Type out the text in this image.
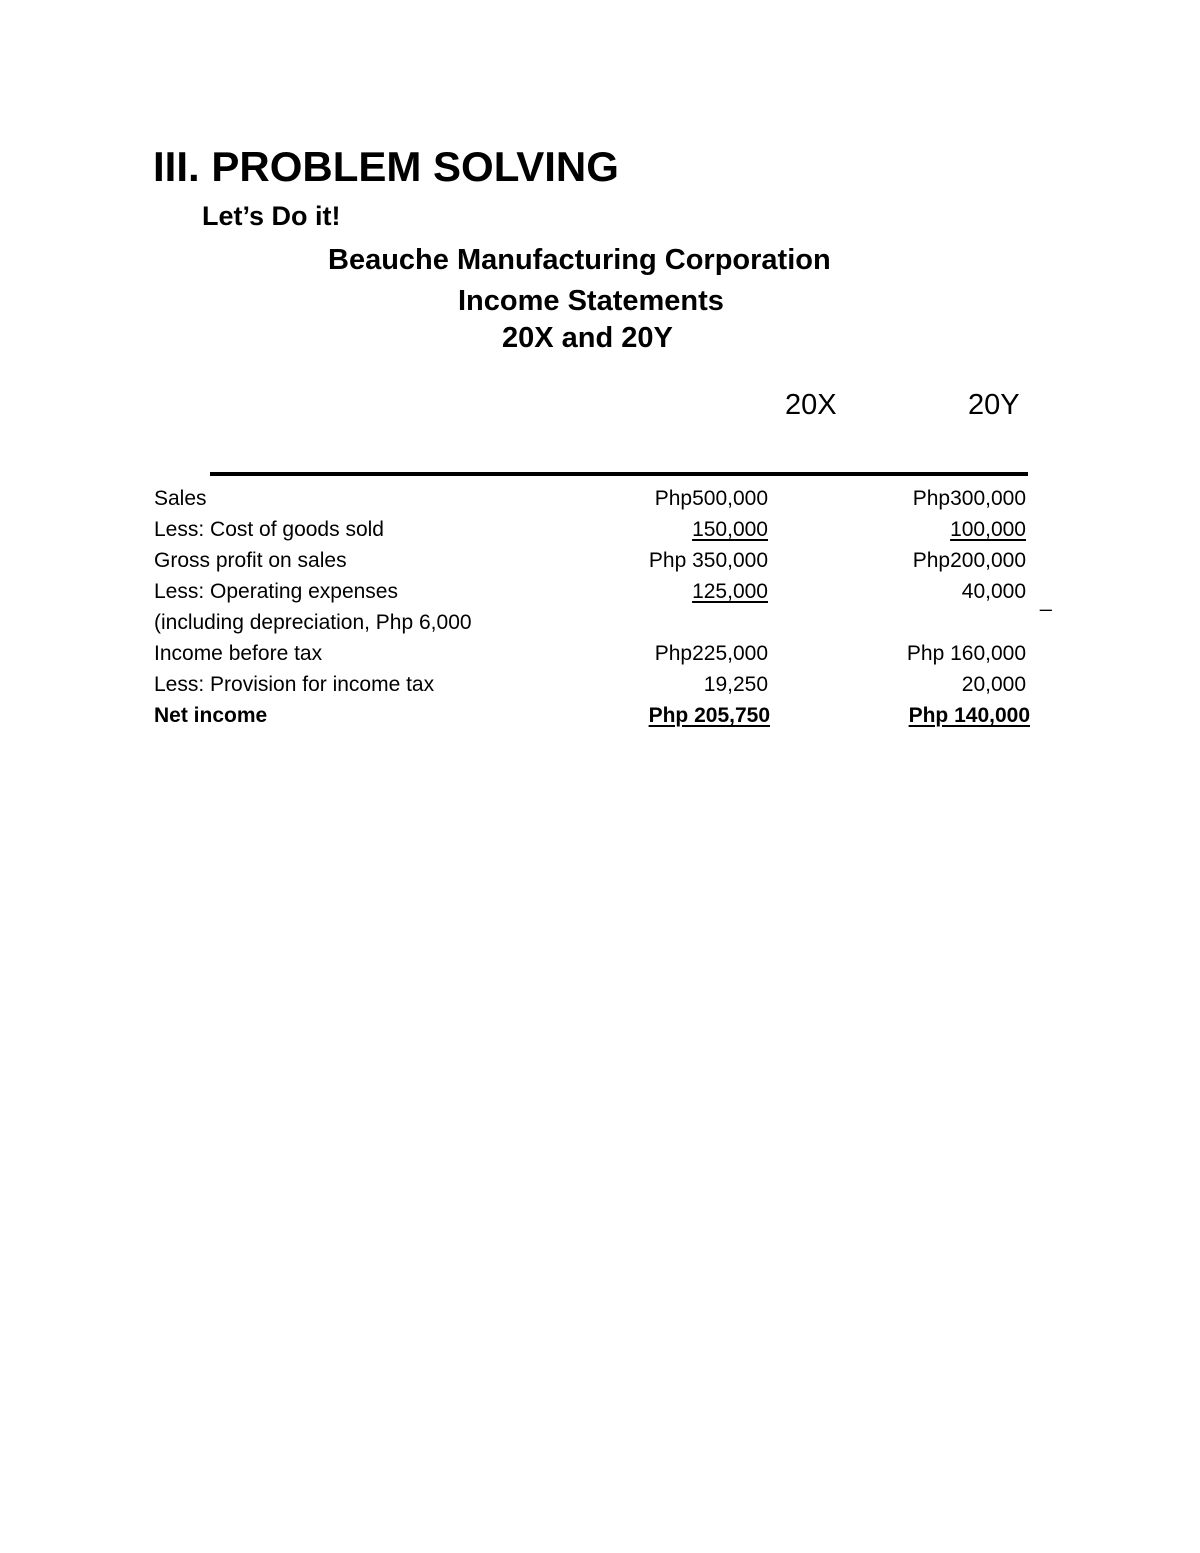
III. PROBLEM SOLVING
Let’s Do it!
Beauche Manufacturing Corporation
Income Statements
20X and 20Y
20X	20Y
Sales	Php500,000	Php300,000
Less: Cost of goods sold	150,000	100,000
Gross profit on sales	Php 350,000	Php200,000
Less: Operating expenses	125,000	40,000
(including depreciation, Php 6,000
Income before tax	Php225,000	Php 160,000
Less: Provision for income tax	19,250	20,000
Net income	Php 205,750	Php 140,000
_
